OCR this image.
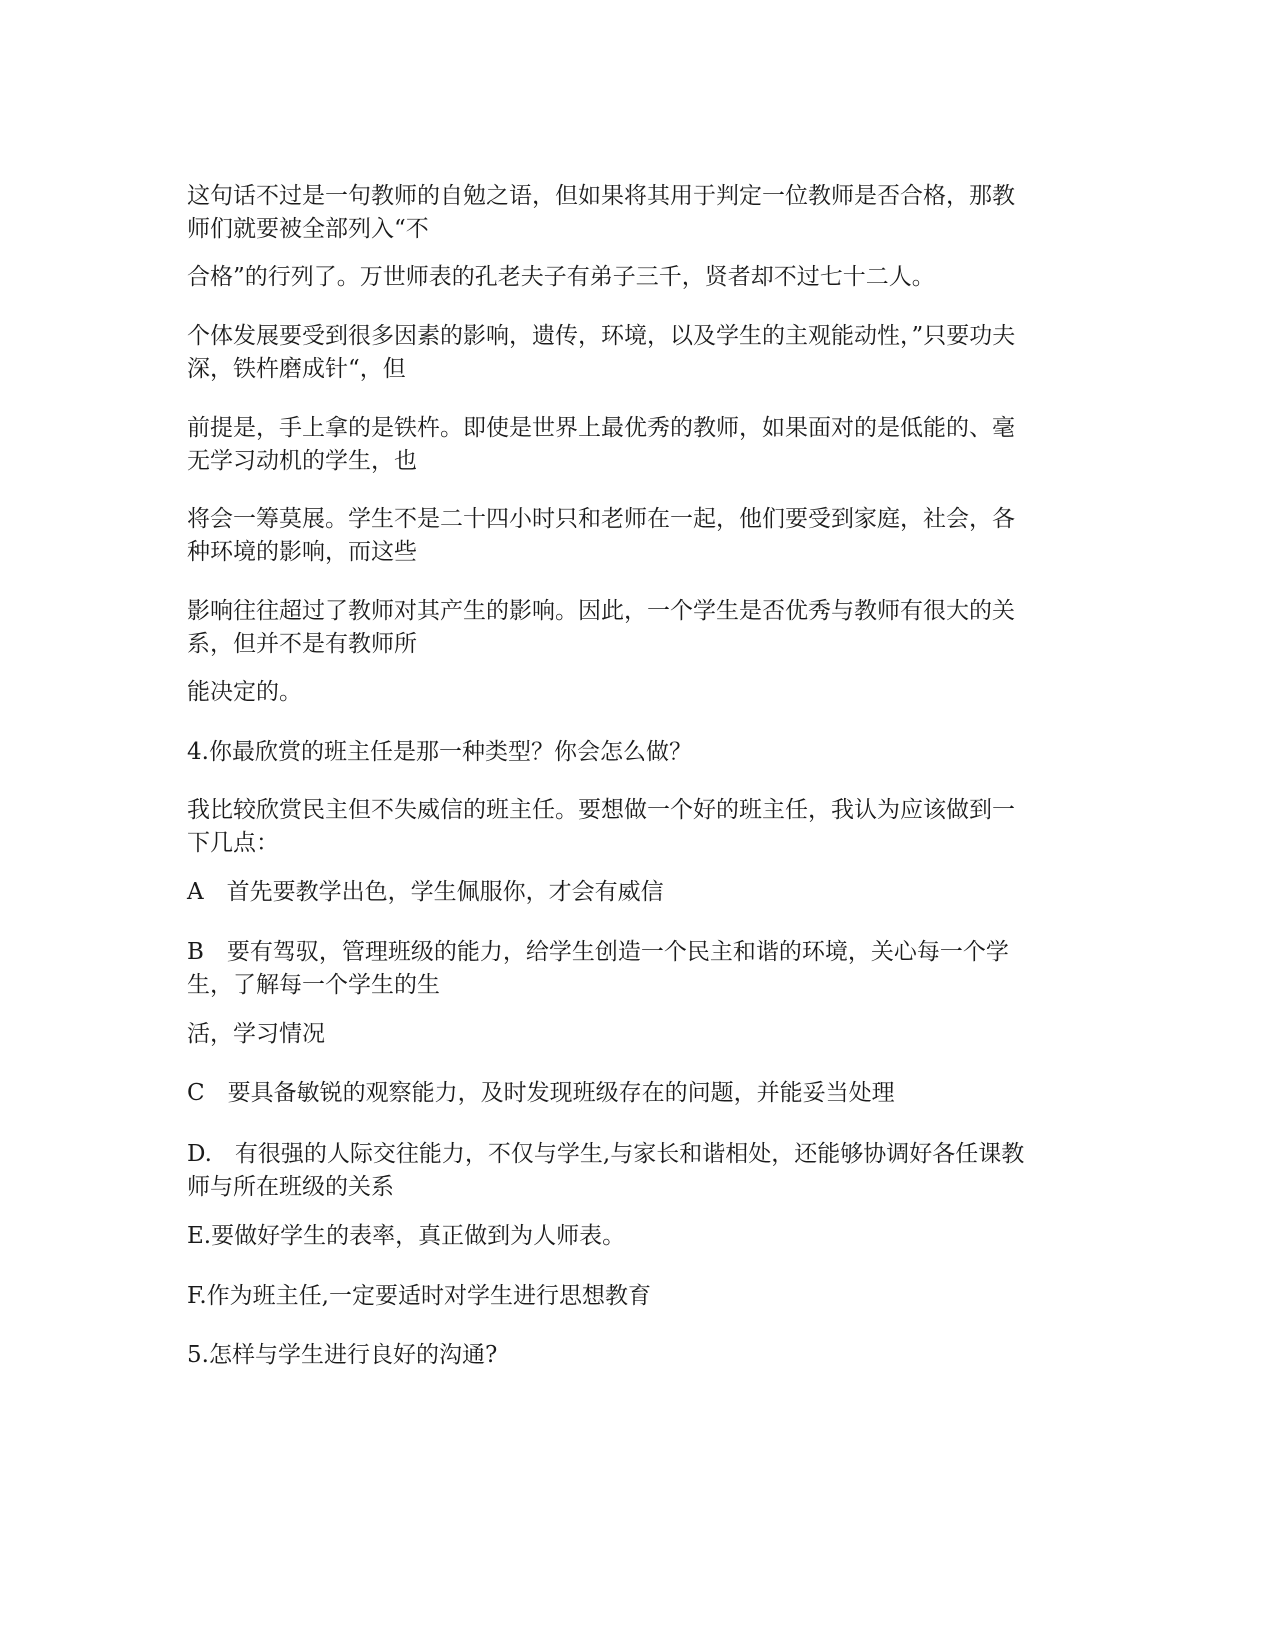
这句话不过是一句教师的自勉之语，但如果将其用于判定一位教师是否合格，那教
师们就要被全部列入“不

合格”的行列了。万世师表的孔老夫子有弟子三千，贤者却不过七十二人。

个体发展要受到很多因素的影响，遗传，环境，以及学生的主观能动性，”只要功夫
深，铁杵磨成针“，但

前提是，手上拿的是铁杵。即使是世界上最优秀的教师，如果面对的是低能的、毫
无学习动机的学生，也

将会一筹莫展。学生不是二十四小时只和老师在一起，他们要受到家庭，社会，各
种环境的影响，而这些

影响往往超过了教师对其产生的影响。因此，一个学生是否优秀与教师有很大的关
系，但并不是有教师所

能决定的。

4.你最欣赏的班主任是那一种类型？你会怎么做？

我比较欣赏民主但不失威信的班主任。要想做一个好的班主任，我认为应该做到一
下几点：

A　首先要教学出色，学生佩服你，才会有威信

B　要有驾驭，管理班级的能力，给学生创造一个民主和谐的环境，关心每一个学
生，了解每一个学生的生

活，学习情况

C　要具备敏锐的观察能力，及时发现班级存在的问题，并能妥当处理

D.　有很强的人际交往能力，不仅与学生,与家长和谐相处，还能够协调好各任课教
师与所在班级的关系

E.要做好学生的表率，真正做到为人师表。

F.作为班主任,一定要适时对学生进行思想教育

5.怎样与学生进行良好的沟通?
